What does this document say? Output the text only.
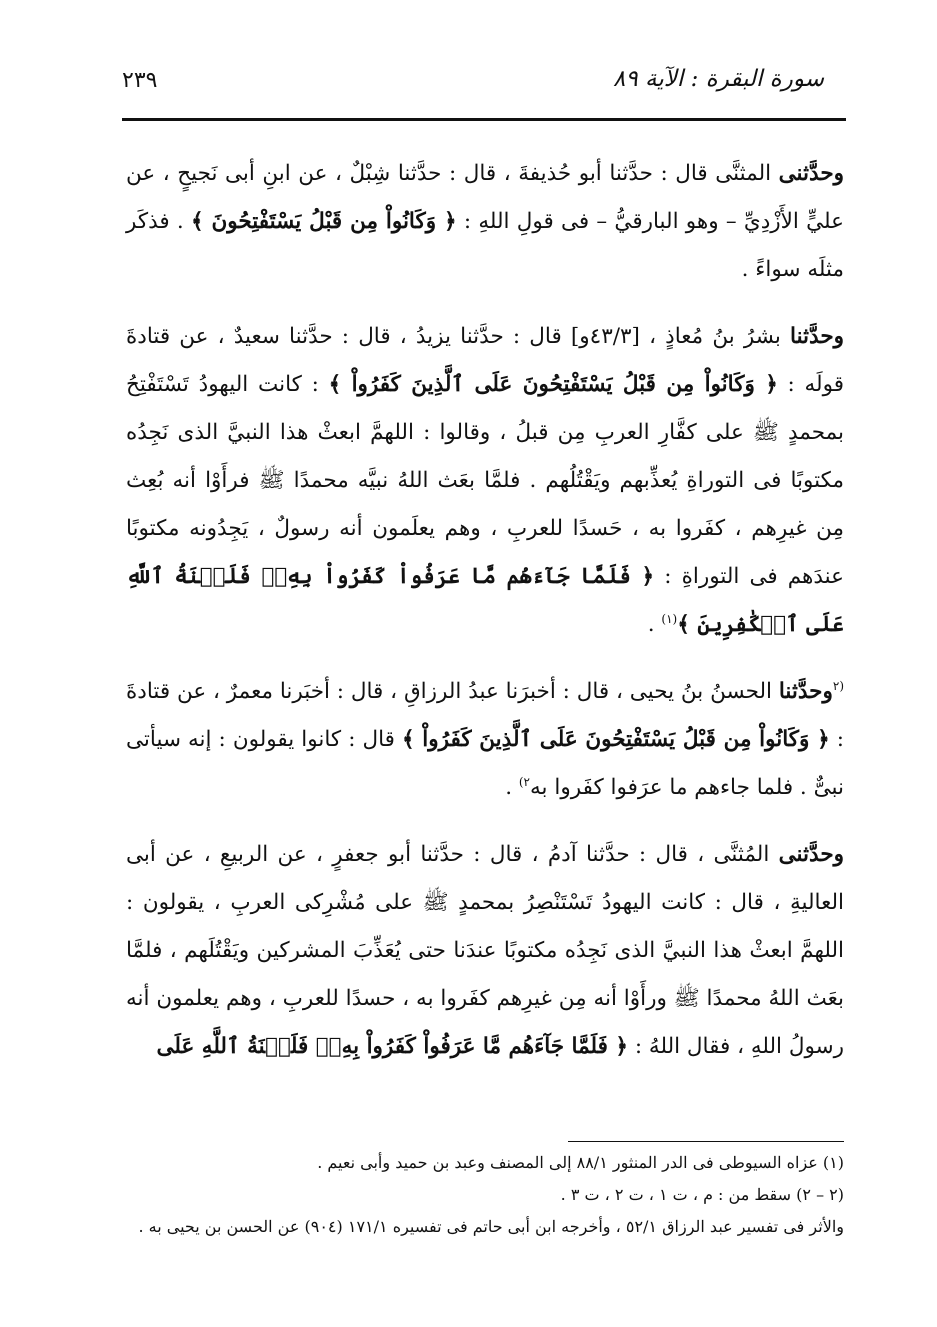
٢٣٩	سورة البقرة : الآية ٨٩

وحدَّثنى المثنَّى قال : حدَّثنا أبو حُذيفةَ ، قال : حدَّثنا شِبْلٌ ، عن ابنِ أبى نَجيحٍ ، عن عليٍّ الأَزْدِيِّ – وهو البارقيُّ – فى قولِ اللهِ : ﴿ وَكَانُواْ مِن قَبْلُ يَسْتَفْتِحُونَ ﴾ . فذكَر مثلَه سواءً .

وحدَّثنا بشرُ بنُ مُعاذٍ ، [٤٣/٣و] قال : حدَّثنا يزيدُ ، قال : حدَّثنا سعيدٌ ، عن قتادةَ قولَه : ﴿ وَكَانُواْ مِن قَبْلُ يَسْتَفْتِحُونَ عَلَى ٱلَّذِينَ كَفَرُواْ ﴾ : كانت اليهودُ تَسْتَفْتِحُ بمحمدٍ ﷺ على كفَّارِ العربِ مِن قبلُ ، وقالوا : اللهمَّ ابعثْ هذا النبيَّ الذى نَجِدُه مكتوبًا فى التوراةِ يُعذِّبهم ويَقْتُلُهم . فلمَّا بعَث اللهُ نبيَّه محمدًا ﷺ فرأَوْا أنه بُعِث مِن غيرِهم ، كفَروا به ، حَسدًا للعربِ ، وهم يعلَمون أنه رسولٌ ، يَجِدُونه مكتوبًا عندَهم فى التوراةِ : ﴿ فَلَمَّا جَآءَهُم مَّا عَرَفُواْ كَفَرُواْ بِهِۦۚ فَلَعۡنَةُ ٱللَّهِ عَلَى ٱلۡكَٰفِرِينَ ﴾$^{(١)}$ .

$^{(٢}$وحدَّثنا الحسنُ بنُ يحيى ، قال : أخبرَنا عبدُ الرزاقِ ، قال : أخبَرنا معمرٌ ، عن قتادةَ : ﴿ وَكَانُواْ مِن قَبْلُ يَسْتَفْتِحُونَ عَلَى ٱلَّذِينَ كَفَرُواْ ﴾ قال : كانوا يقولون : إنه سيأتى نبىٌّ . فلما جاءهم ما عرَفوا كفَروا به$^{٢)}$ .

وحدَّثنى المُثنَّى ، قال : حدَّثنا آدمُ ، قال : حدَّثنا أبو جعفرٍ ، عن الربيعِ ، عن أبى العاليةِ ، قال : كانت اليهودُ تَسْتَنْصِرُ بمحمدٍ ﷺ على مُشْرِكى العربِ ، يقولون : اللهمَّ ابعثْ هذا النبيَّ الذى نَجِدُه مكتوبًا عندَنا حتى يُعَذِّبَ المشركين ويَقْتُلَهم ، فلمَّا بعَث اللهُ محمدًا ﷺ ورأَوْا أنه مِن غيرِهم كفَروا به ، حسدًا للعربِ ، وهم يعلمون أنه رسولُ اللهِ ، فقال اللهُ : ﴿ فَلَمَّا جَآءَهُم مَّا عَرَفُواْ كَفَرُواْ بِهِۦۚ فَلَعۡنَةُ ٱللَّهِ عَلَى

(١) عزاه السيوطى فى الدر المنثور ٨٨/١ إلى المصنف وعبد بن حميد وأبى نعيم .

(٢ – ٢) سقط من : م ، ت ١ ، ت ٢ ، ت ٣ .

والأثر فى تفسير عبد الرزاق ٥٢/١ ، وأخرجه ابن أبى حاتم فى تفسيره ١٧١/١ (٩٠٤) عن الحسن بن يحيى به .
